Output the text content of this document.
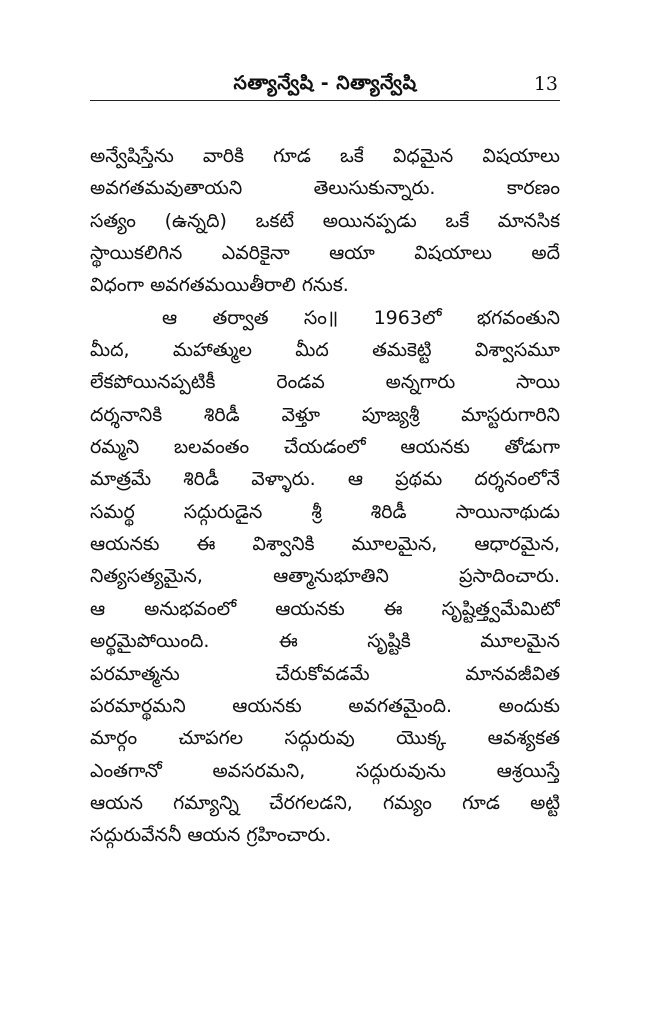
సత్యాన్వేషి - నిత్యాన్వేషి	13
అన్వేషిస్తేను వారికి గూడ ఒకే విధమైన విషయాలు
అవగతమవుతాయని తెలుసుకున్నారు. కారణం
సత్యం (ఉన్నది) ఒకటే అయినప్పడు ఒకే మానసిక
స్థాయికలిగిన ఎవరికైనా ఆయా విషయాలు అదే
విధంగా అవగతమయితీరాలి గనుక.
ఆ తర్వాత సం॥ 1963లో భగవంతుని
మీద, మహాత్ముల మీద తమకెట్టి విశ్వాసమూ
లేకపోయినప్పటికీ రెండవ అన్నగారు సాయి
దర్శనానికి శిరిడీ వెళ్తూ పూజ్యశ్రీ మాస్టరుగారిని
రమ్మని బలవంతం చేయడంలో ఆయనకు తోడుగా
మాత్రమే శిరిడీ వెళ్ళారు. ఆ ప్రథమ దర్శనంలోనే
సమర్థ సద్గురుడైన శ్రీ శిరిడీ సాయినాథుడు
ఆయనకు ఈ విశ్వానికి మూలమైన, ఆధారమైన,
నిత్యసత్యమైన, ఆత్మానుభూతిని ప్రసాదించారు.
ఆ అనుభవంలో ఆయనకు ఈ సృష్టిత్త్వమేమిటో
అర్థమైపోయింది. ఈ సృష్టికి మూలమైన
పరమాత్మను చేరుకోవడమే మానవజీవిత
పరమార్థమని ఆయనకు అవగతమైంది. అందుకు
మార్గం చూపగల సద్గురువు యొక్క ఆవశ్యకత
ఎంతగానో అవసరమని, సద్గురువును ఆశ్రయిస్తే
ఆయన గమ్యాన్ని చేరగలడని, గమ్యం గూడ అట్టి
సద్గురువేననీ ఆయన గ్రహించారు.
